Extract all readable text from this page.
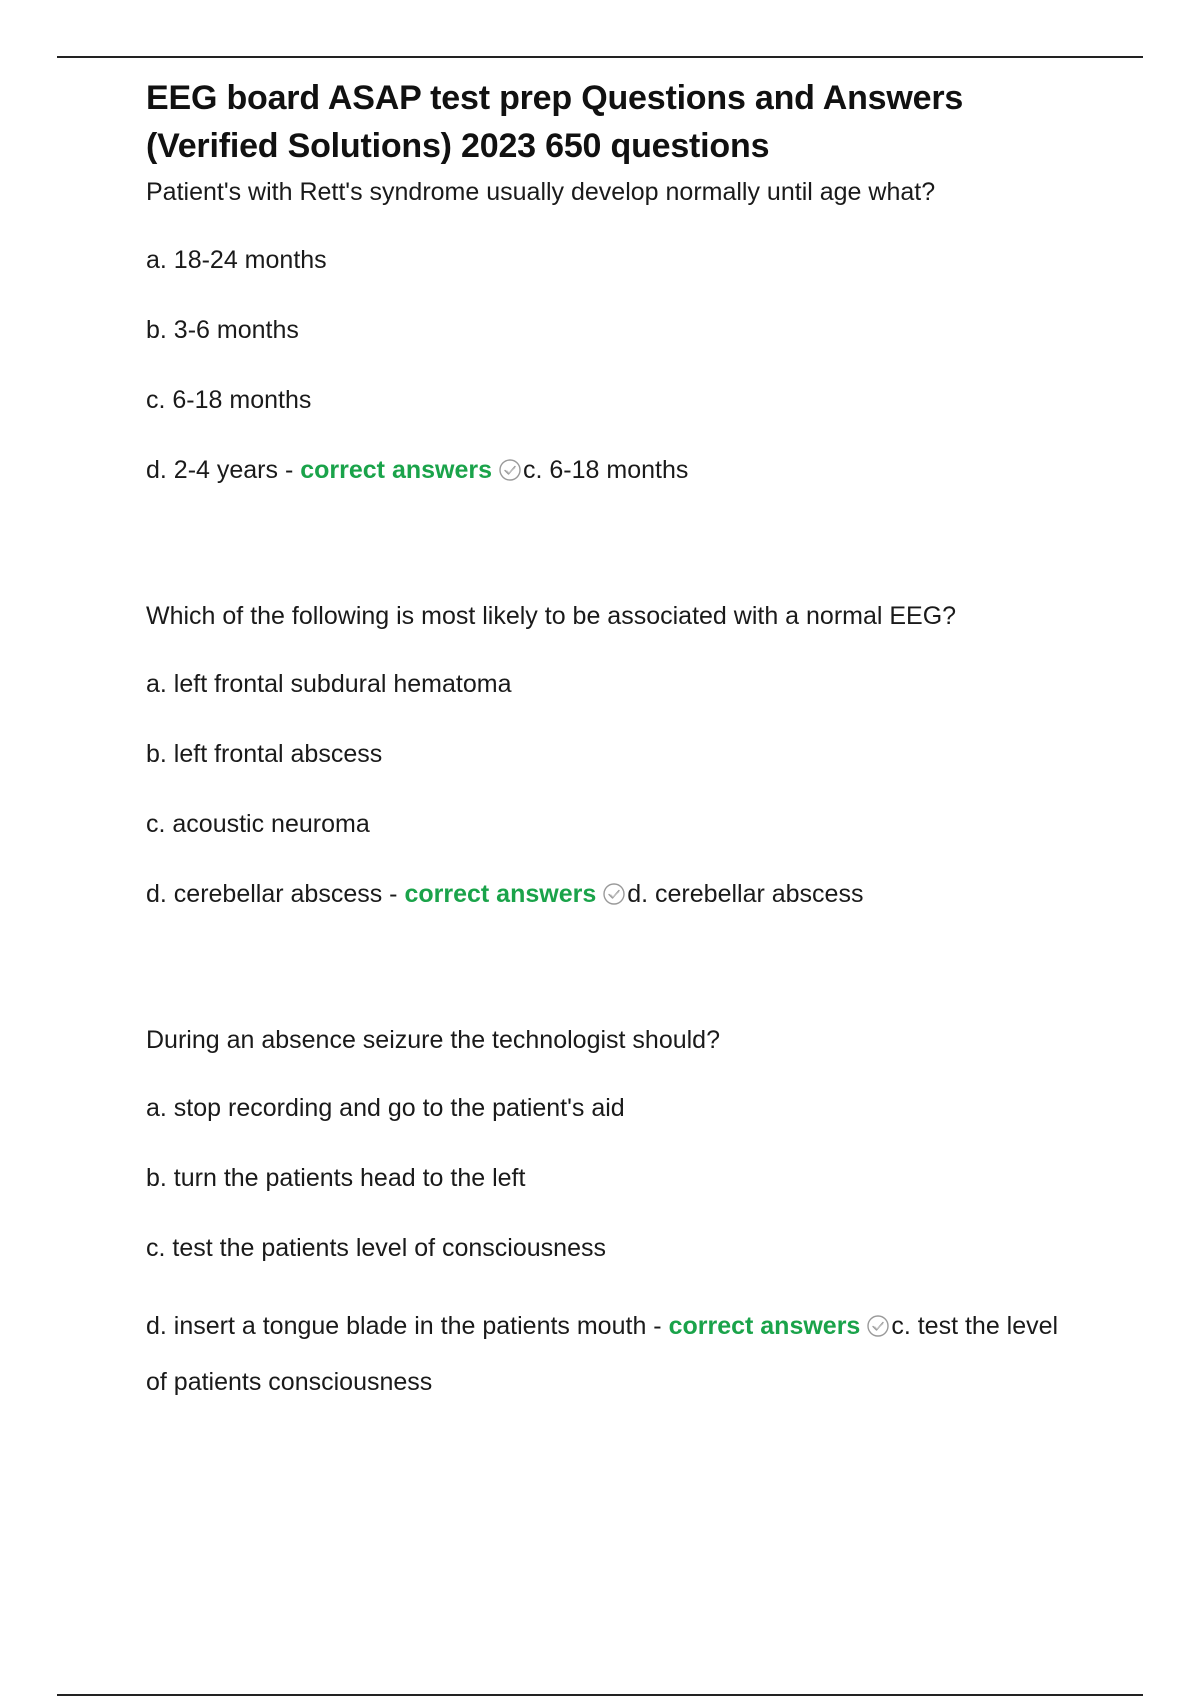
EEG board ASAP test prep Questions and Answers (Verified Solutions) 2023 650 questions

Patient's with Rett's syndrome usually develop normally until age what?

a. 18-24 months

b. 3-6 months

c. 6-18 months

d. 2-4 years - correct answers c. 6-18 months

Which of the following is most likely to be associated with a normal EEG?

a. left frontal subdural hematoma

b. left frontal abscess

c. acoustic neuroma

d. cerebellar abscess - correct answers d. cerebellar abscess

During an absence seizure the technologist should?

a. stop recording and go to the patient's aid

b. turn the patients head to the left

c. test the patients level of consciousness

d. insert a tongue blade in the patients mouth - correct answers c. test the level of patients consciousness
